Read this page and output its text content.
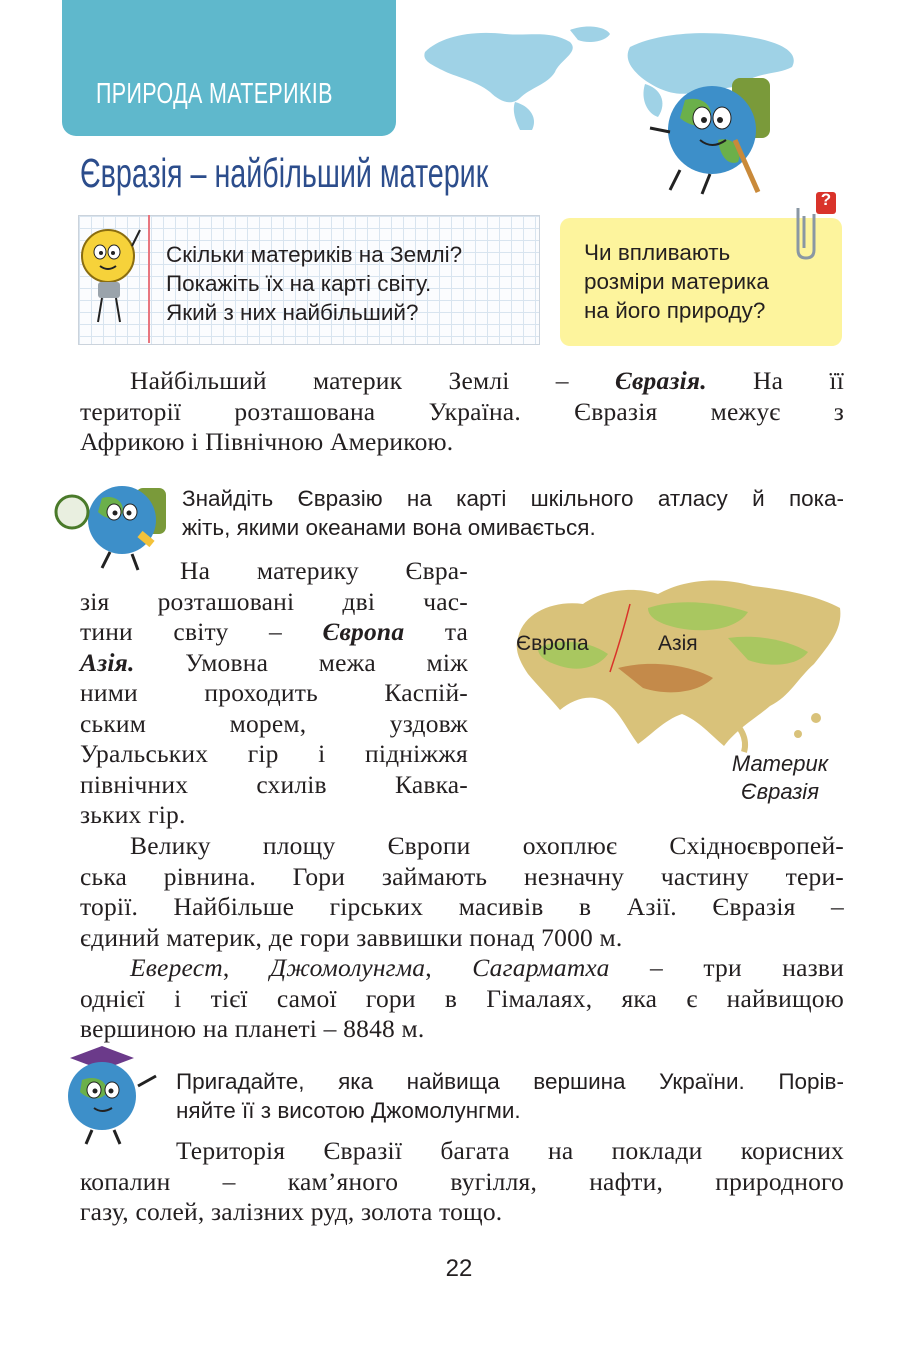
ПРИРОДА МАТЕРИКІВ
Євразія – найбільший материк
Скільки материків на Землі?
Покажіть їх на карті світу.
Який з них найбільший?
Чи впливають
розміри материка
на його природу?
?
Найбільший материк Землі – Євразія. На її
території розташована Україна. Євразія межує з
Африкою і Північною Америкою.
Знайдіть Євразію на карті шкільного атласу й пока-
жіть, якими океанами вона омивається.
На материку Євра-
зія розташовані дві час-
тини світу – Європа та
Азія. Умовна межа між
ними проходить Каспій-
ським морем, уздовж
Уральських гір і підніжжя
північних схилів Кавка-
зьких гір.
Європа	Азія
Материк
Євразія
Велику площу Європи охоплює Східноєвропей-
ська рівнина. Гори займають незначну частину тери-
торії. Найбільше гірських масивів в Азії. Євразія –
єдиний материк, де гори заввишки понад 7000 м.
Еверест, Джомолунгма, Сагарматха – три назви
однієї і тієї самої гори в Гімалаях, яка є найвищою
вершиною на планеті – 8848 м.
Пригадайте, яка найвища вершина України. Порів-
няйте її з висотою Джомолунгми.
Територія Євразії багата на поклади корисних
копалин – кам’яного вугілля, нафти, природного
газу, солей, залізних руд, золота тощо.
22
